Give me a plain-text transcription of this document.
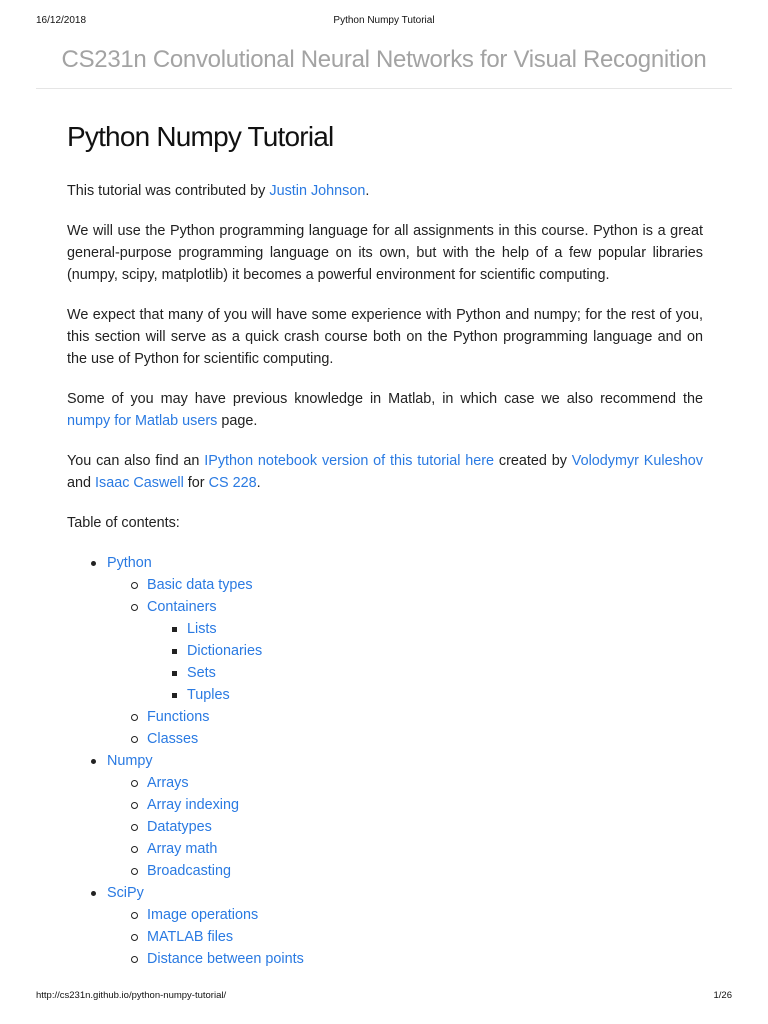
16/12/2018	Python Numpy Tutorial
CS231n Convolutional Neural Networks for Visual Recognition
Python Numpy Tutorial

This tutorial was contributed by Justin Johnson.

We will use the Python programming language for all assignments in this course. Python is a great general-purpose programming language on its own, but with the help of a few popular libraries (numpy, scipy, matplotlib) it becomes a powerful environment for scientific computing.

We expect that many of you will have some experience with Python and numpy; for the rest of you, this section will serve as a quick crash course both on the Python programming language and on the use of Python for scientific computing.

Some of you may have previous knowledge in Matlab, in which case we also recommend the numpy for Matlab users page.

You can also find an IPython notebook version of this tutorial here created by Volodymyr Kuleshov and Isaac Caswell for CS 228.

Table of contents:
Python
Basic data types
Containers
Lists
Dictionaries
Sets
Tuples
Functions
Classes
Numpy
Arrays
Array indexing
Datatypes
Array math
Broadcasting
SciPy
Image operations
MATLAB files
Distance between points
http://cs231n.github.io/python-numpy-tutorial/	1/26
